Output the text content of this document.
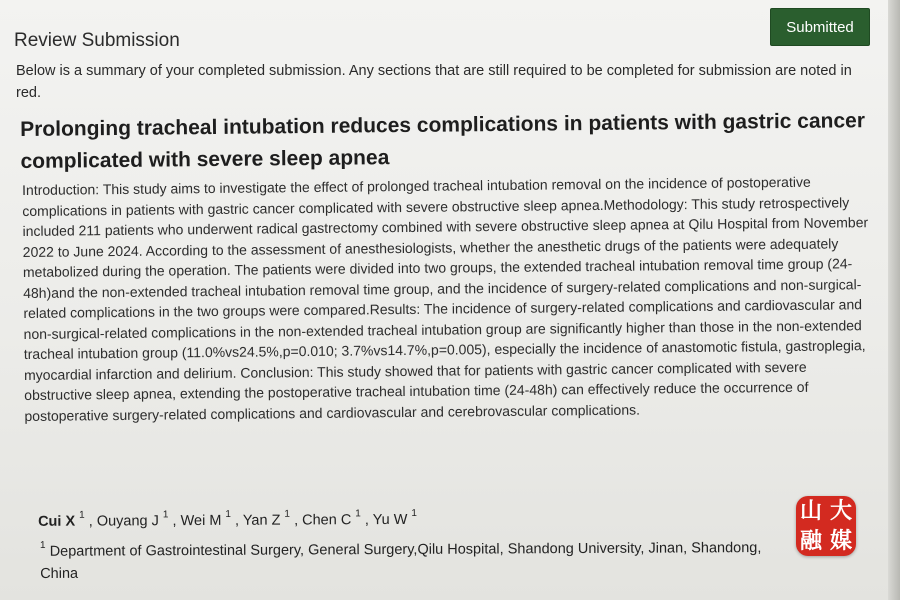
Review Submission
Submitted
Below is a summary of your completed submission. Any sections that are still required to be completed for submission are noted in red.
Prolonging tracheal intubation reduces complications in patients with gastric cancer complicated with severe sleep apnea
Introduction: This study aims to investigate the effect of prolonged tracheal intubation removal on the incidence of postoperative complications in patients with gastric cancer complicated with severe obstructive sleep apnea.Methodology: This study retrospectively included 211 patients who underwent radical gastrectomy combined with severe obstructive sleep apnea at Qilu Hospital from November 2022 to June 2024. According to the assessment of anesthesiologists, whether the anesthetic drugs of the patients were adequately metabolized during the operation. The patients were divided into two groups, the extended tracheal intubation removal time group (24-48h)and the non-extended tracheal intubation removal time group, and the incidence of surgery-related complications and non-surgical-related complications in the two groups were compared.Results: The incidence of surgery-related complications and cardiovascular and non-surgical-related complications in the non-extended tracheal intubation group are significantly higher than those in the non-extended tracheal intubation group (11.0%vs24.5%,p=0.010; 3.7%vs14.7%,p=0.005), especially the incidence of anastomotic fistula, gastroplegia, myocardial infarction and delirium. Conclusion: This study showed that for patients with gastric cancer complicated with severe obstructive sleep apnea, extending the postoperative tracheal intubation time (24-48h) can effectively reduce the occurrence of postoperative surgery-related complications and cardiovascular and cerebrovascular complications.
Cui X $^1$ , Ouyang J $^1$ , Wei M $^1$ , Yan Z $^1$ , Chen C $^1$ , Yu W $^1$
$^1$ Department of Gastrointestinal Surgery, General Surgery,Qilu Hospital, Shandong University, Jinan, Shandong, China
山 大
融 媒
